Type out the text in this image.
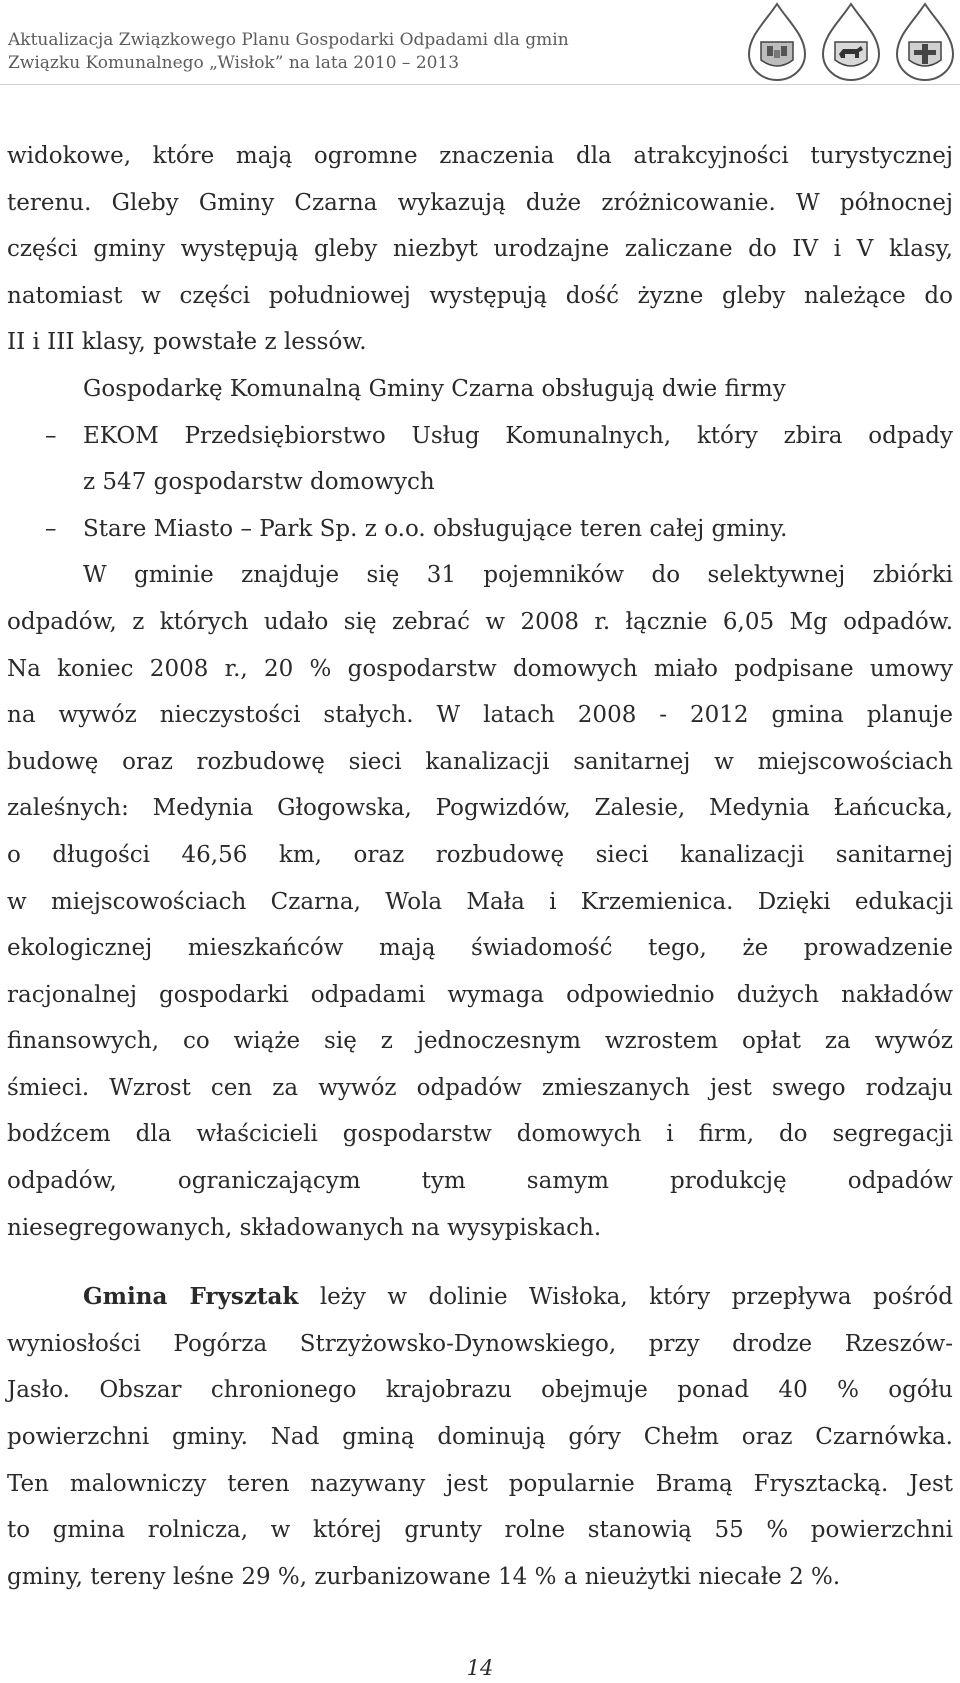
Aktualizacja Związkowego Planu Gospodarki Odpadami dla gmin
Związku Komunalnego „Wisłok” na lata 2010 – 2013
widokowe, które mają ogromne znaczenia dla atrakcyjności turystycznej
terenu. Gleby Gminy Czarna wykazują duże zróżnicowanie. W północnej
części gminy występują gleby niezbyt urodzajne zaliczane do IV i V klasy,
natomiast w części południowej występują dość żyzne gleby należące do
II i III klasy, powstałe z lessów.
Gospodarkę Komunalną Gminy Czarna obsługują dwie firmy
– EKOM Przedsiębiorstwo Usług Komunalnych, który zbira odpady
z 547 gospodarstw domowych
– Stare Miasto – Park Sp. z o.o. obsługujące teren całej gminy.
W gminie znajduje się 31 pojemników do selektywnej zbiórki
odpadów, z których udało się zebrać w 2008 r. łącznie 6,05 Mg odpadów.
Na koniec 2008 r., 20 % gospodarstw domowych miało podpisane umowy
na wywóz nieczystości stałych. W latach 2008 - 2012 gmina planuje
budowę oraz rozbudowę sieci kanalizacji sanitarnej w miejscowościach
zaleśnych: Medynia Głogowska, Pogwizdów, Zalesie, Medynia Łańcucka,
o długości 46,56 km, oraz rozbudowę sieci kanalizacji sanitarnej
w miejscowościach Czarna, Wola Mała i Krzemienica. Dzięki edukacji
ekologicznej mieszkańców mają świadomość tego, że prowadzenie
racjonalnej gospodarki odpadami wymaga odpowiednio dużych nakładów
finansowych, co wiąże się z jednoczesnym wzrostem opłat za wywóz
śmieci. Wzrost cen za wywóz odpadów zmieszanych jest swego rodzaju
bodźcem dla właścicieli gospodarstw domowych i firm, do segregacji
odpadów, ograniczającym tym samym produkcję odpadów
niesegregowanych, składowanych na wysypiskach.
Gmina Frysztak leży w dolinie Wisłoka, który przepływa pośród
wyniosłości Pogórza Strzyżowsko-Dynowskiego, przy drodze Rzeszów-
Jasło. Obszar chronionego krajobrazu obejmuje ponad 40 % ogółu
powierzchni gminy. Nad gminą dominują góry Chełm oraz Czarnówka.
Ten malowniczy teren nazywany jest popularnie Bramą Frysztacką. Jest
to gmina rolnicza, w której grunty rolne stanowią 55 % powierzchni
gminy, tereny leśne 29 %, zurbanizowane 14 % a nieużytki niecałe 2 %.
14
